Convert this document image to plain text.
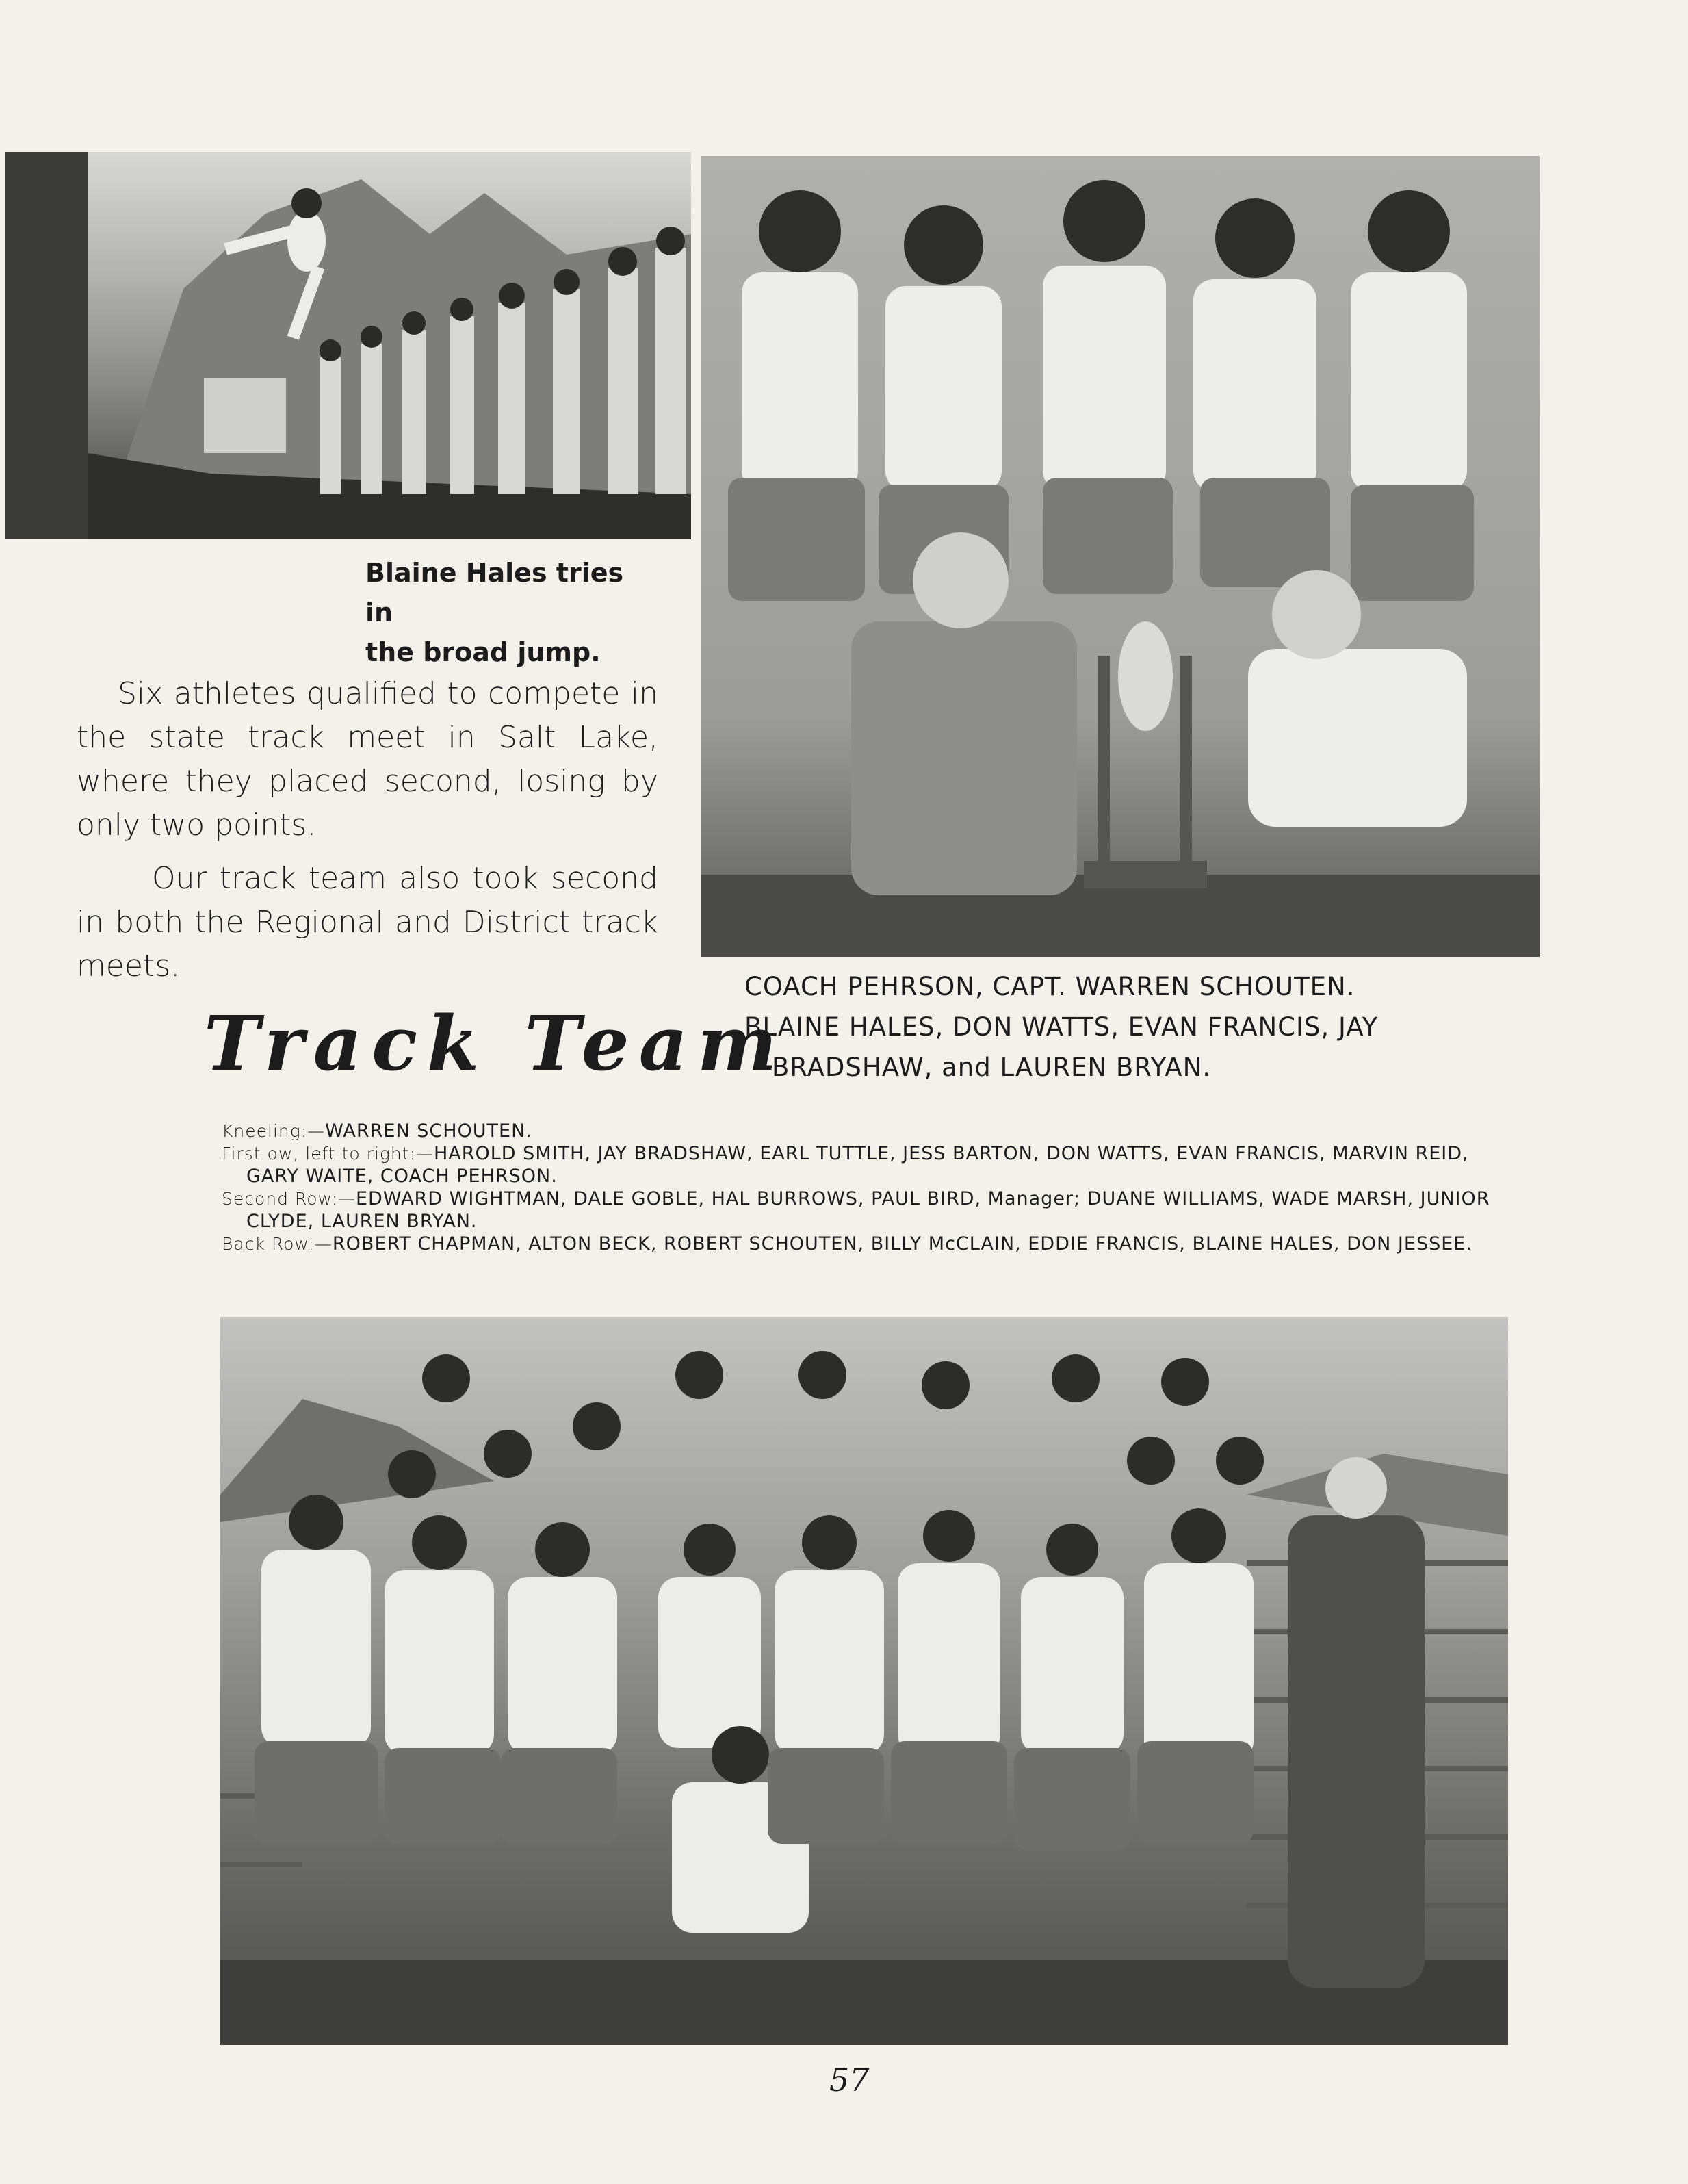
Blaine Hales tries in
the broad jump.
Six athletes qualified to compete in the state track meet in Salt Lake, where they placed second, losing by only two points.
Our track team also took second in both the Regional and District track meets.
Track Team
COACH PEHRSON, CAPT. WARREN SCHOUTEN.
BLAINE HALES, DON WATTS, EVAN FRANCIS, JAY
BRADSHAW, and LAUREN BRYAN.
Kneeling:—WARREN SCHOUTEN.
First ow, left to right:—HAROLD SMITH, JAY BRADSHAW, EARL TUTTLE, JESS BARTON, DON WATTS, EVAN FRANCIS, MARVIN REID, GARY WAITE, COACH PEHRSON.
Second Row:—EDWARD WIGHTMAN, DALE GOBLE, HAL BURROWS, PAUL BIRD, Manager; DUANE WILLIAMS, WADE MARSH, JUNIOR CLYDE, LAUREN BRYAN.
Back Row:—ROBERT CHAPMAN, ALTON BECK, ROBERT SCHOUTEN, BILLY McCLAIN, EDDIE FRANCIS, BLAINE HALES, DON JESSEE.
57
